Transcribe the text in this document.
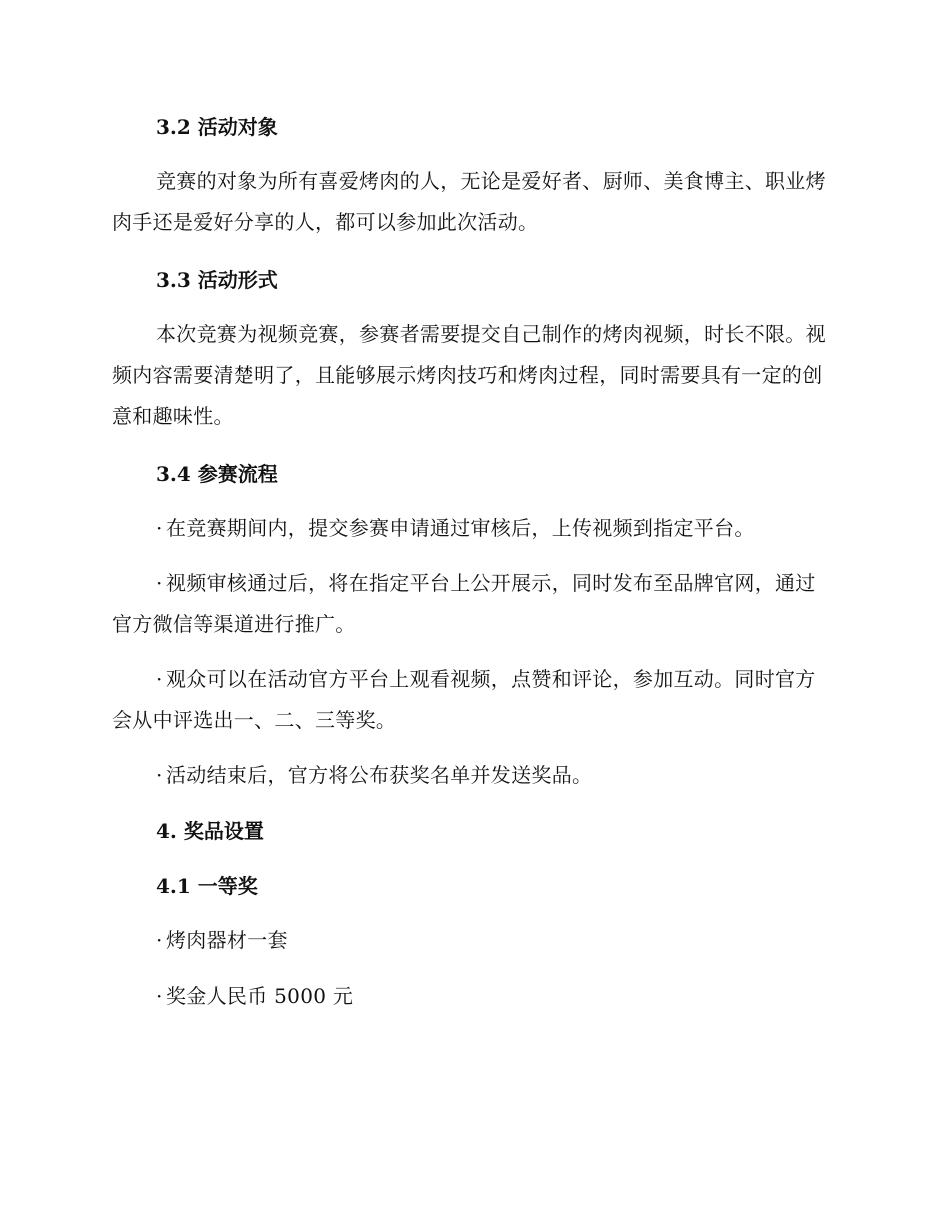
3.2 活动对象

竞赛的对象为所有喜爱烤肉的人，无论是爱好者、厨师、美食博主、职业烤肉手还是爱好分享的人，都可以参加此次活动。

3.3 活动形式

本次竞赛为视频竞赛，参赛者需要提交自己制作的烤肉视频，时长不限。视频内容需要清楚明了，且能够展示烤肉技巧和烤肉过程，同时需要具有一定的创意和趣味性。

3.4 参赛流程

· 在竞赛期间内，提交参赛申请通过审核后，上传视频到指定平台。

· 视频审核通过后，将在指定平台上公开展示，同时发布至品牌官网，通过官方微信等渠道进行推广。

· 观众可以在活动官方平台上观看视频，点赞和评论，参加互动。同时官方会从中评选出一、二、三等奖。

· 活动结束后，官方将公布获奖名单并发送奖品。

4. 奖品设置
4.1 一等奖

· 烤肉器材一套

· 奖金人民币 5000 元
